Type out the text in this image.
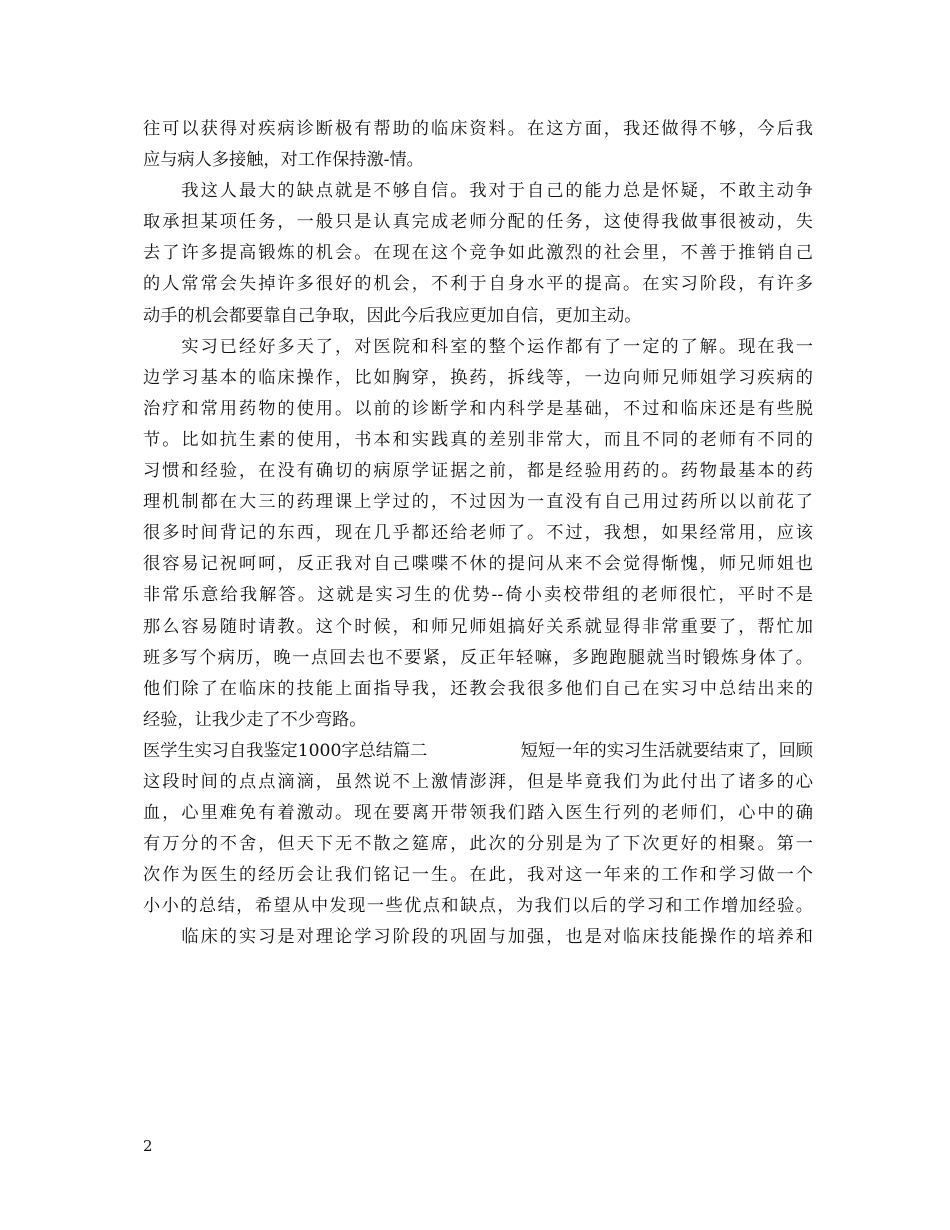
往可以获得对疾病诊断极有帮助的临床资料。在这方面，我还做得不够，今后我
应与病人多接触，对工作保持激-情。
　　我这人最大的缺点就是不够自信。我对于自己的能力总是怀疑，不敢主动争
取承担某项任务，一般只是认真完成老师分配的任务，这使得我做事很被动，失
去了许多提高锻炼的机会。在现在这个竞争如此激烈的社会里，不善于推销自己
的人常常会失掉许多很好的机会，不利于自身水平的提高。在实习阶段，有许多
动手的机会都要靠自己争取，因此今后我应更加自信，更加主动。
　　实习已经好多天了，对医院和科室的整个运作都有了一定的了解。现在我一
边学习基本的临床操作，比如胸穿，换药，拆线等，一边向师兄师姐学习疾病的
治疗和常用药物的使用。以前的诊断学和内科学是基础，不过和临床还是有些脱
节。比如抗生素的使用，书本和实践真的差别非常大，而且不同的老师有不同的
习惯和经验，在没有确切的病原学证据之前，都是经验用药的。药物最基本的药
理机制都在大三的药理课上学过的，不过因为一直没有自己用过药所以以前花了
很多时间背记的东西，现在几乎都还给老师了。不过，我想，如果经常用，应该
很容易记祝呵呵，反正我对自己喋喋不休的提问从来不会觉得惭愧，师兄师姐也
非常乐意给我解答。这就是实习生的优势--倚小卖校带组的老师很忙，平时不是
那么容易随时请教。这个时候，和师兄师姐搞好关系就显得非常重要了，帮忙加
班多写个病历，晚一点回去也不要紧，反正年轻嘛，多跑跑腿就当时锻炼身体了。
他们除了在临床的技能上面指导我，还教会我很多他们自己在实习中总结出来的
经验，让我少走了不少弯路。
医学生实习自我鉴定1000字总结篇二	短短一年的实习生活就要结束了，回顾
这段时间的点点滴滴，虽然说不上激情澎湃，但是毕竟我们为此付出了诸多的心
血，心里难免有着激动。现在要离开带领我们踏入医生行列的老师们，心中的确
有万分的不舍，但天下无不散之筵席，此次的分别是为了下次更好的相聚。第一
次作为医生的经历会让我们铭记一生。在此，我对这一年来的工作和学习做一个
小小的总结，希望从中发现一些优点和缺点，为我们以后的学习和工作增加经验。
　　临床的实习是对理论学习阶段的巩固与加强，也是对临床技能操作的培养和
2
